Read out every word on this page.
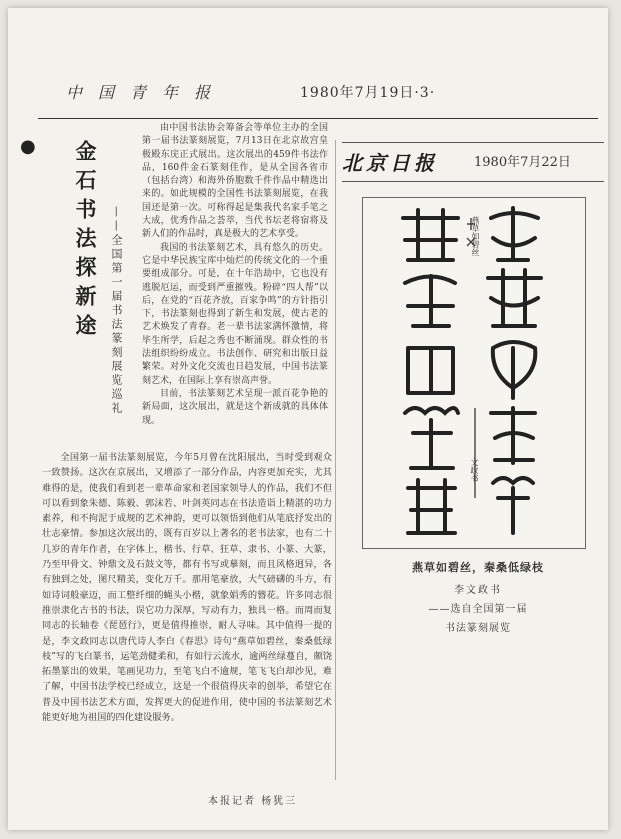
中国青年报	1980年7月19日·3·
●	金石书法探新途	——全国第一届书法篆刻展览巡礼

由中国书法协会筹备会等单位主办的全国第一届书法篆刻展览，7月13日在北京故宫皇极殿东庑正式展出。这次展出的459件书法作品，160件金石篆刻佳作，是从全国各省市（包括台湾）和海外侨胞数千件作品中精选出来的。如此规模的全国性书法篆刻展览，在我国还是第一次。可称得起是集我代名家手笔之大成，优秀作品之荟萃，当代书坛老将宿将及新人们的作品时，真是极大的艺术享受。

我国的书法篆刻艺术，具有悠久的历史。它是中华民族宝库中灿烂的传统文化的一个重要组成部分。可是，在十年浩劫中，它也没有逃脱厄运，而受到严重摧残。粉碎“四人帮”以后，在党的“百花齐放，百家争鸣”的方针指引下，书法篆刻也得到了新生和发展，使古老的艺术焕发了青春。老一辈书法家满怀激情，将毕生所学，后起之秀也不断涌现。群众性的书法组织纷纷成立。书法创作、研究和出版日益繁荣。对外文化交流也日趋发展，中国书法篆刻艺术，在国际上享有崇高声誉。

目前，书法篆刻艺术呈现一派百花争艳的新局面，这次展出，就是这个新成就的具体体现。

全国第一届书法篆刻展览，今年5月曾在沈阳展出，当时受到观众一致赞扬。这次在京展出，又增添了一部分作品，内容更加充实，尤其难得的是，使我们看到老一辈革命家和老国家领导人的作品，我们不但可以看到象朱德、陈毅、郭沫若、叶剑英同志在书法造诣上精湛的功力素养，和不拘泥于成规的艺术神韵，更可以领悟到他们从笔底抒发出的壮志豪情。参加这次展出的，既有百岁以上著名的老书法家，也有二十几岁的青年作者，在字体上，楷书、行草、狂草、隶书、小篆、大篆，乃至甲骨文、钟鼎文及石鼓文等，都有书写或摹刻，而且风格迥异，各有独到之处，图尺精美，变化万千。那用笔豪放，大气磅礴的斗方，有如诗词般豪迈，而工整纤细的蝇头小楷，就象娟秀的簪花。许多同志很推崇隶化古书的书法，误它功力深厚，写动有力，独具一格。而周而复同志的长轴卷《琵琶行》，更是值得推崇，耐人寻味。其中值得一提的是，李文政同志以唐代诗人李白《春思》诗句“燕草如碧丝，秦桑低绿枝”写的飞白篆书，运笔劲健柔和，有如行云流水，逾两丝绿蔓自，颇饶拓墨篆出的效果，笔画见功力，至笔飞白不逾规，笔飞飞白却沙见，难了解，中国书法学校已经成立，这是一个很值得庆幸的创举，希望它在普及中国书法艺术方面，发挥更大的促进作用，使中国的书法篆刻艺术能更好地为祖国的四化建设服务。

本报记者 杨犹三
北京日报	1980年7月22日
燕草如碧丝
文政书
燕草如碧丝，秦桑低绿枝
李文政书
——选自全国第一届
书法篆刻展览
